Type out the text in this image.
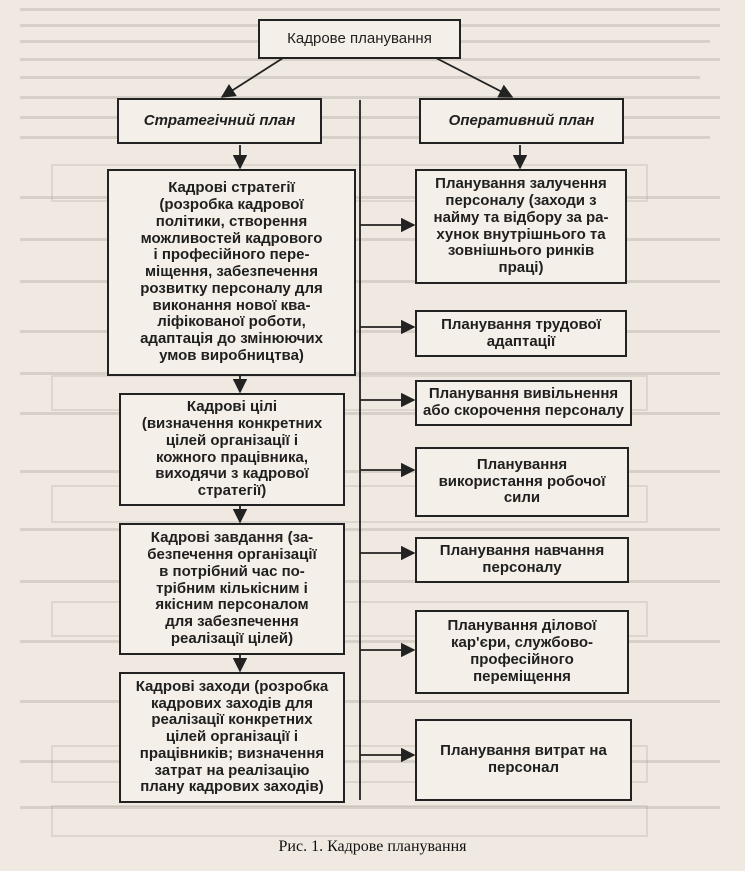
Кадрове планування
Стратегічний план	Оперативний план
Кадрові стратегії
(розробка кадрової
політики, створення
можливостей кадрового
і професійного пере-
міщення, забезпечення
розвитку персоналу для
виконання нової ква-
ліфікованої роботи,
адаптація до змінюючих
умов виробництва)
Кадрові цілі
(визначення конкретних
цілей організації і
кожного працівника,
виходячи з кадрової
стратегії)
Кадрові завдання (за-
безпечення організації
в потрібний час по-
трібним кількісним і
якісним персоналом
для забезпечення
реалізації цілей)
Кадрові заходи (розробка
кадрових заходів для
реалізації конкретних
цілей організації і
працівників; визначення
затрат на реалізацію
плану кадрових заходів)
Планування залучення
персоналу (заходи з
найму та відбору за ра-
хунок внутрішнього та
зовнішнього ринків
праці)
Планування трудової
адаптації
Планування вивільнення
або скорочення персоналу
Планування
використання робочої
сили
Планування навчання
персоналу
Планування ділової
кар'єри, службово-
професійного
переміщення
Планування витрат на
персонал
Рис. 1. Кадрове планування
